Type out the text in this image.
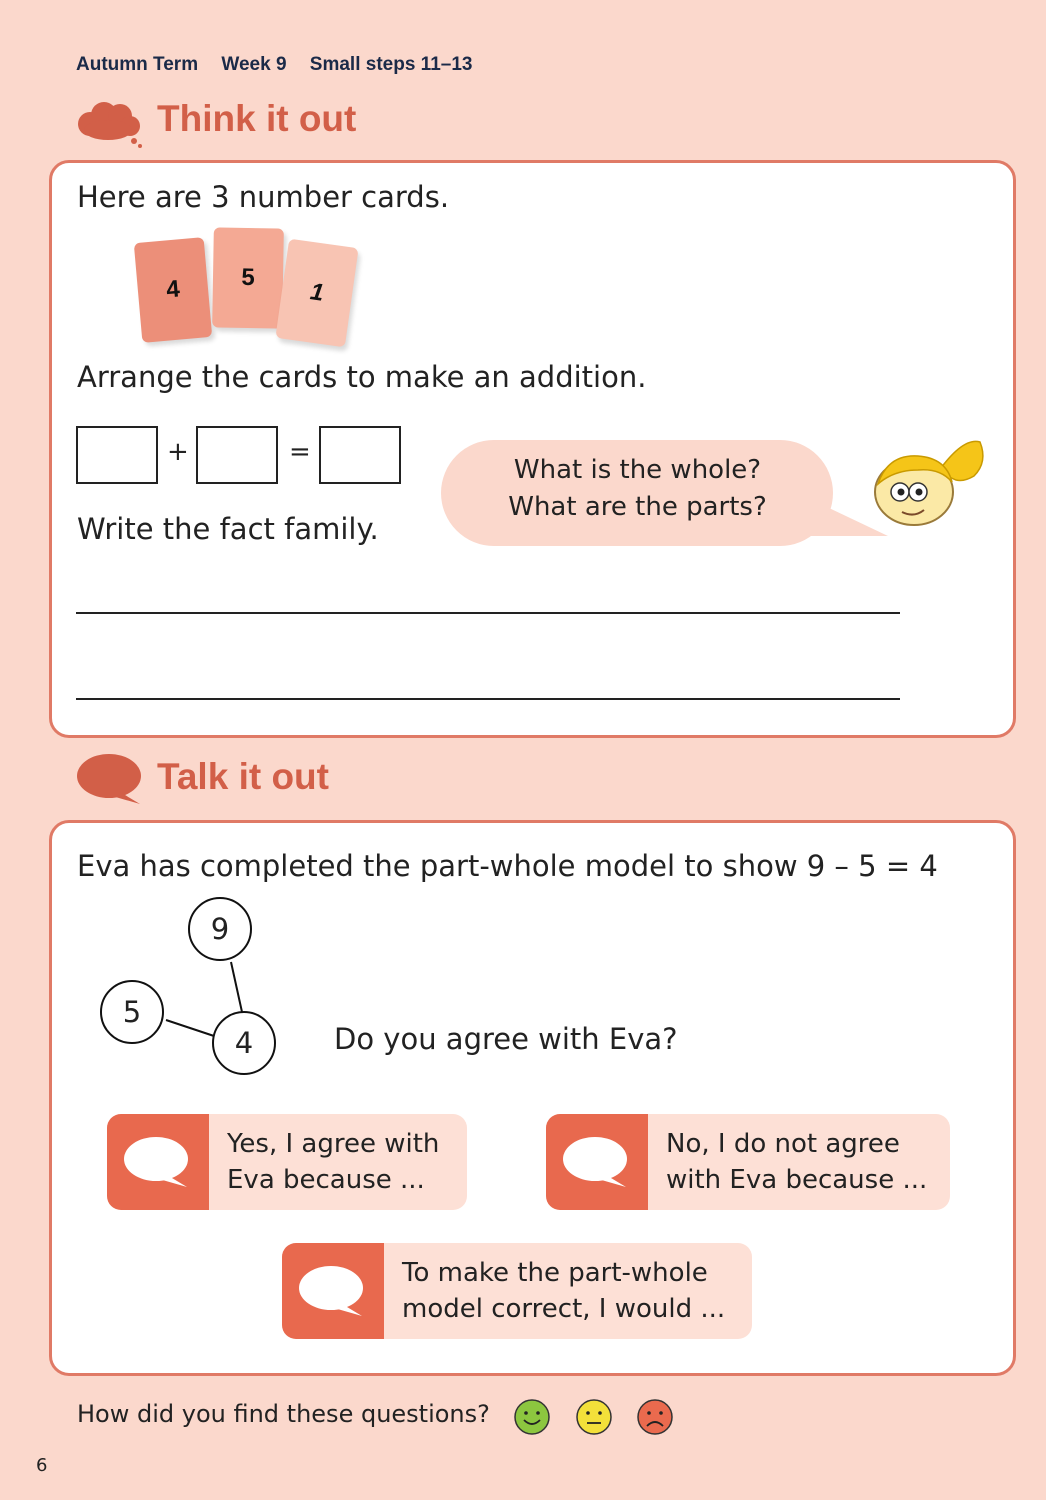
Autumn Term Week 9 Small steps 11–13
Think it out
Here are 3 number cards.
4	5
1
Arrange the cards to make an addition.
+	=
Write the fact family.
What is the whole?
What are the parts?
Talk it out
Eva has completed the part-whole model to show 9 – 5 = 4
9
5
4	Do you agree with Eva?
Yes, I agree with
Eva because ...
No, I do not agree
with Eva because ...
To make the part-whole
model correct, I would ...
How did you find these questions?
6
